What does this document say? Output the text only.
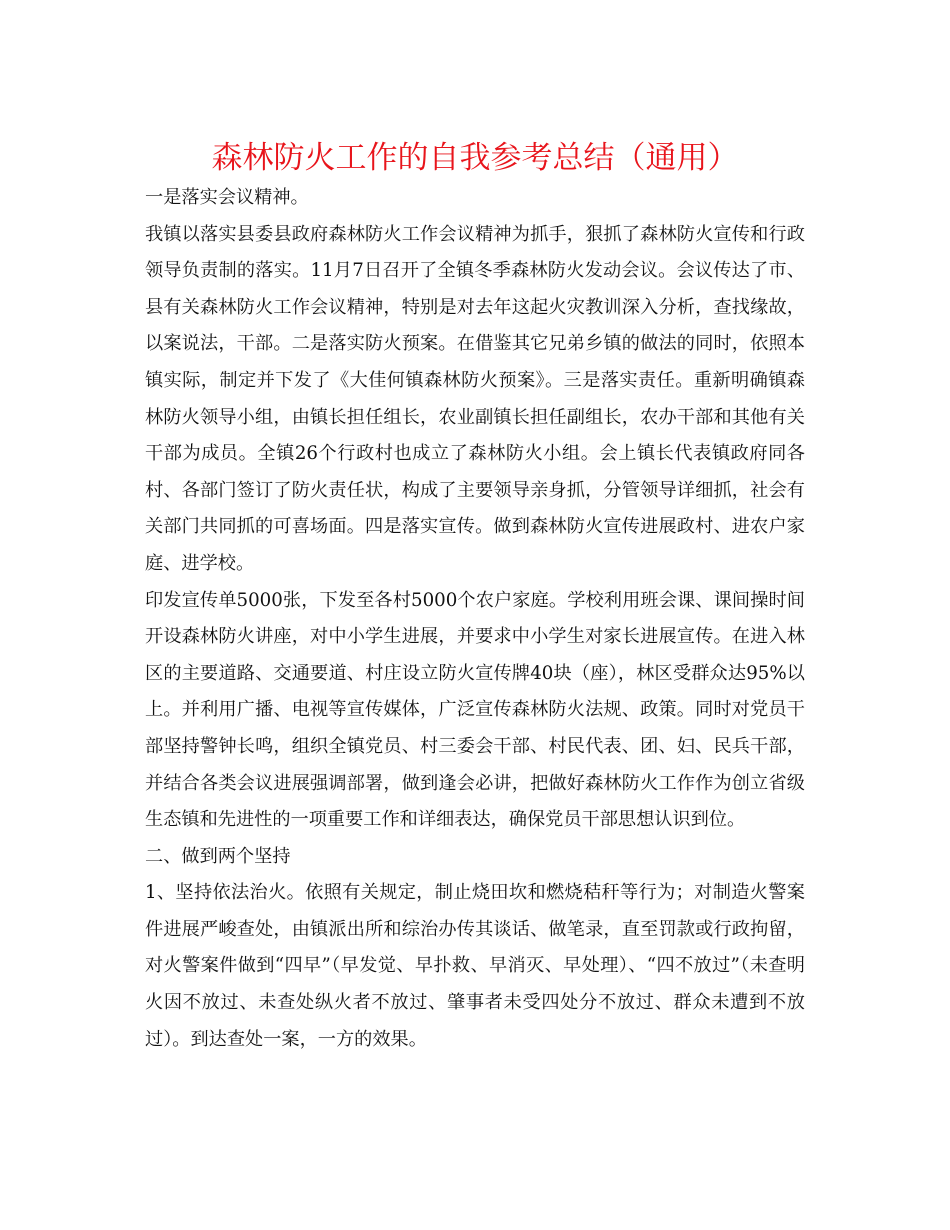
森林防火工作的自我参考总结（通用）

一是落实会议精神。

我镇以落实县委县政府森林防火工作会议精神为抓手，狠抓了森林防火宣传和行政领导负责制的落实。11月7日召开了全镇冬季森林防火发动会议。会议传达了市、县有关森林防火工作会议精神，特别是对去年这起火灾教训深入分析，查找缘故，以案说法，干部。二是落实防火预案。在借鉴其它兄弟乡镇的做法的同时，依照本镇实际，制定并下发了《大佳何镇森林防火预案》。三是落实责任。重新明确镇森林防火领导小组，由镇长担任组长，农业副镇长担任副组长，农办干部和其他有关干部为成员。全镇26个行政村也成立了森林防火小组。会上镇长代表镇政府同各村、各部门签订了防火责任状，构成了主要领导亲身抓，分管领导详细抓，社会有关部门共同抓的可喜场面。四是落实宣传。做到森林防火宣传进展政村、进农户家庭、进学校。

印发宣传单5000张，下发至各村5000个农户家庭。学校利用班会课、课间操时间开设森林防火讲座，对中小学生进展，并要求中小学生对家长进展宣传。在进入林区的主要道路、交通要道、村庄设立防火宣传牌40块（座），林区受群众达95%以上。并利用广播、电视等宣传媒体，广泛宣传森林防火法规、政策。同时对党员干部坚持警钟长鸣，组织全镇党员、村三委会干部、村民代表、团、妇、民兵干部，并结合各类会议进展强调部署，做到逢会必讲，把做好森林防火工作作为创立省级生态镇和先进性的一项重要工作和详细表达，确保党员干部思想认识到位。

二、做到两个坚持

1、坚持依法治火。依照有关规定，制止烧田坎和燃烧秸秆等行为；对制造火警案件进展严峻查处，由镇派出所和综治办传其谈话、做笔录，直至罚款或行政拘留，对火警案件做到“四早”（早发觉、早扑救、早消灭、早处理）、“四不放过”（未查明火因不放过、未查处纵火者不放过、肇事者未受四处分不放过、群众未遭到不放过）。到达查处一案，一方的效果。
